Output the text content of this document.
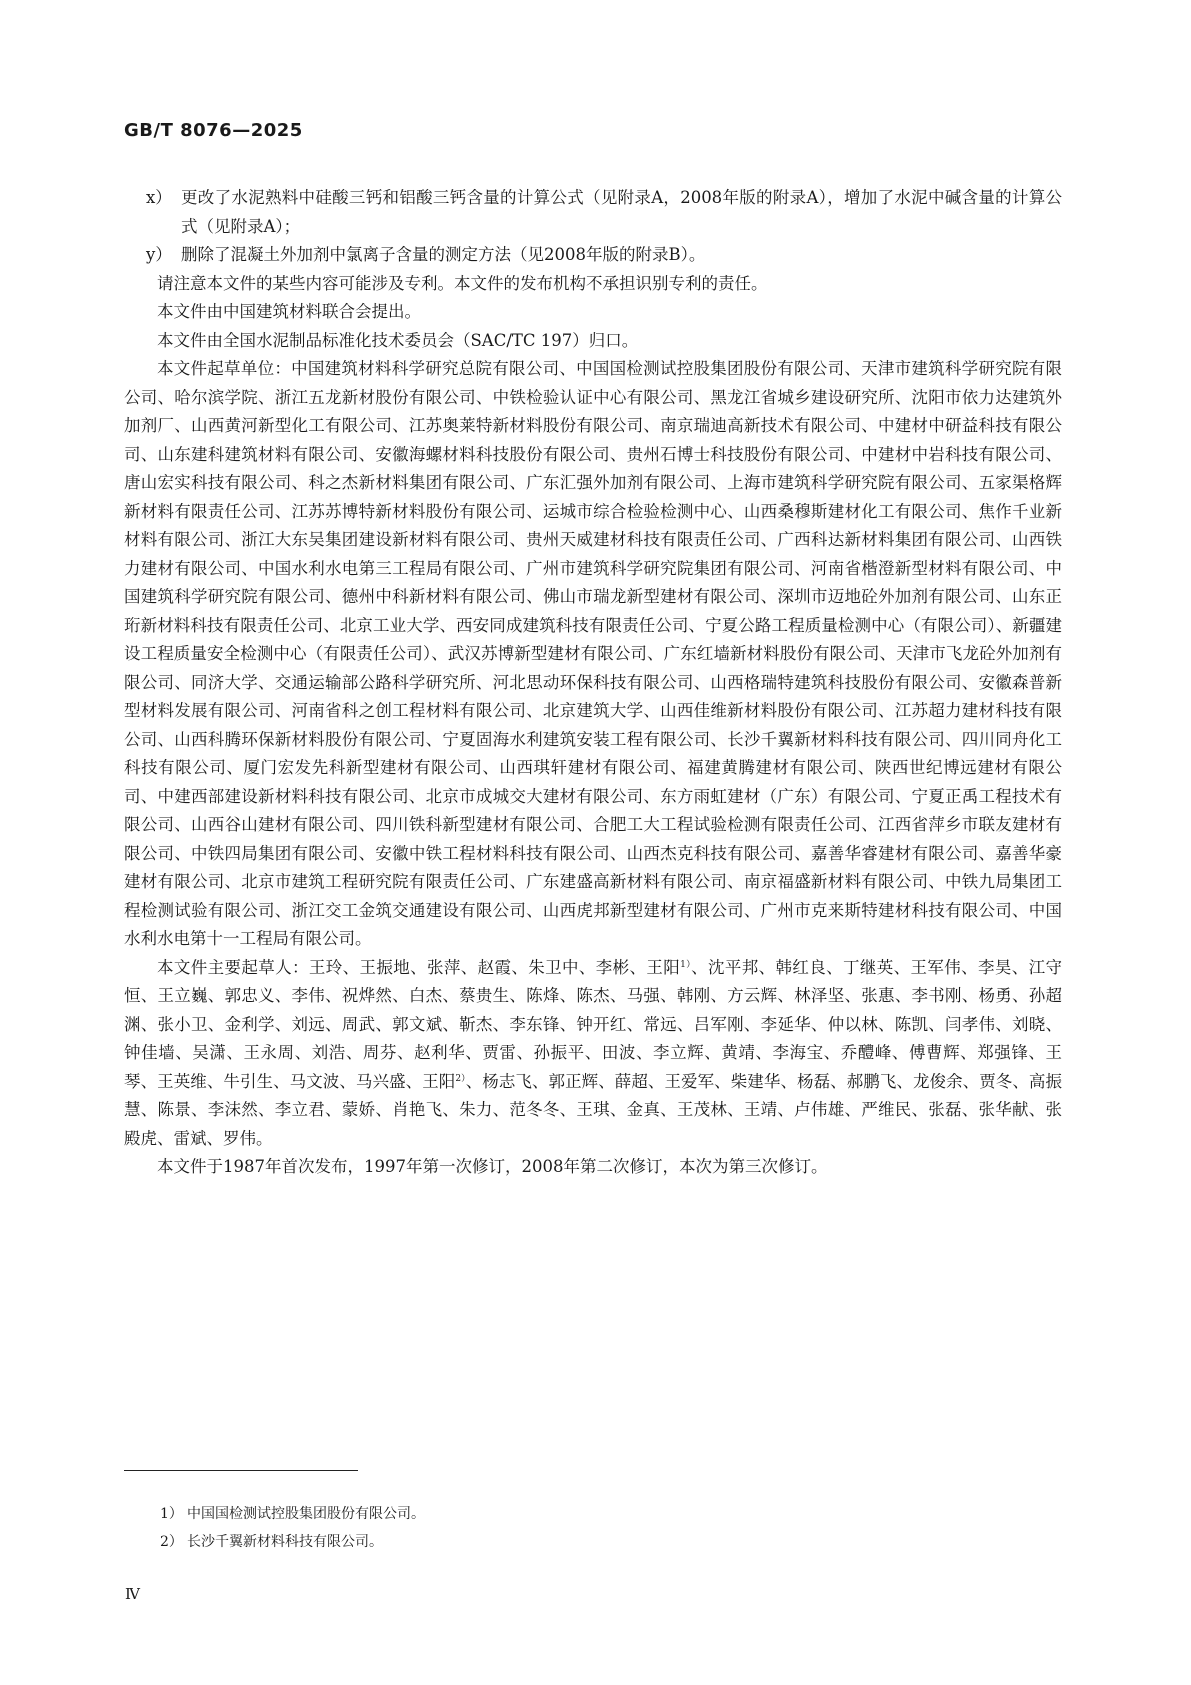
GB/T 8076—2025

x） 更改了水泥熟料中硅酸三钙和铝酸三钙含量的计算公式（见附录A，2008年版的附录A），增加了水泥中碱含量的计算公式（见附录A）；

y） 删除了混凝土外加剂中氯离子含量的测定方法（见2008年版的附录B）。

请注意本文件的某些内容可能涉及专利。本文件的发布机构不承担识别专利的责任。

本文件由中国建筑材料联合会提出。

本文件由全国水泥制品标准化技术委员会（SAC/TC 197）归口。

本文件起草单位：中国建筑材料科学研究总院有限公司、中国国检测试控股集团股份有限公司、天津市建筑科学研究院有限公司、哈尔滨学院、浙江五龙新材股份有限公司、中铁检验认证中心有限公司、黑龙江省城乡建设研究所、沈阳市依力达建筑外加剂厂、山西黄河新型化工有限公司、江苏奥莱特新材料股份有限公司、南京瑞迪高新技术有限公司、中建材中研益科技有限公司、山东建科建筑材料有限公司、安徽海螺材料科技股份有限公司、贵州石博士科技股份有限公司、中建材中岩科技有限公司、唐山宏实科技有限公司、科之杰新材料集团有限公司、广东汇强外加剂有限公司、上海市建筑科学研究院有限公司、五家渠格辉新材料有限责任公司、江苏苏博特新材料股份有限公司、运城市综合检验检测中心、山西桑穆斯建材化工有限公司、焦作千业新材料有限公司、浙江大东吴集团建设新材料有限公司、贵州天威建材科技有限责任公司、广西科达新材料集团有限公司、山西铁力建材有限公司、中国水利水电第三工程局有限公司、广州市建筑科学研究院集团有限公司、河南省楷澄新型材料有限公司、中国建筑科学研究院有限公司、德州中科新材料有限公司、佛山市瑞龙新型建材有限公司、深圳市迈地砼外加剂有限公司、山东正珩新材料科技有限责任公司、北京工业大学、西安同成建筑科技有限责任公司、宁夏公路工程质量检测中心（有限公司）、新疆建设工程质量安全检测中心（有限责任公司）、武汉苏博新型建材有限公司、广东红墙新材料股份有限公司、天津市飞龙砼外加剂有限公司、同济大学、交通运输部公路科学研究所、河北思动环保科技有限公司、山西格瑞特建筑科技股份有限公司、安徽森普新型材料发展有限公司、河南省科之创工程材料有限公司、北京建筑大学、山西佳维新材料股份有限公司、江苏超力建材科技有限公司、山西科腾环保新材料股份有限公司、宁夏固海水利建筑安装工程有限公司、长沙千翼新材料科技有限公司、四川同舟化工科技有限公司、厦门宏发先科新型建材有限公司、山西琪轩建材有限公司、福建黄腾建材有限公司、陕西世纪博远建材有限公司、中建西部建设新材料科技有限公司、北京市成城交大建材有限公司、东方雨虹建材（广东）有限公司、宁夏正禹工程技术有限公司、山西谷山建材有限公司、四川铁科新型建材有限公司、合肥工大工程试验检测有限责任公司、江西省萍乡市联友建材有限公司、中铁四局集团有限公司、安徽中铁工程材料科技有限公司、山西杰克科技有限公司、嘉善华睿建材有限公司、嘉善华豪建材有限公司、北京市建筑工程研究院有限责任公司、广东建盛高新材料有限公司、南京福盛新材料有限公司、中铁九局集团工程检测试验有限公司、浙江交工金筑交通建设有限公司、山西虎邦新型建材有限公司、广州市克来斯特建材科技有限公司、中国水利水电第十一工程局有限公司。

本文件主要起草人：王玲、王振地、张萍、赵霞、朱卫中、李彬、王阳$^{1)}$、沈平邦、韩红良、丁继英、王军伟、李昊、江守恒、王立巍、郭忠义、李伟、祝烨然、白杰、蔡贵生、陈烽、陈杰、马强、韩刚、方云辉、林泽坚、张惠、李书刚、杨勇、孙超渊、张小卫、金利学、刘远、周武、郭文斌、靳杰、李东锋、钟开红、常远、吕军刚、李延华、仲以林、陈凯、闫孝伟、刘晓、钟佳墙、吴潇、王永周、刘浩、周芬、赵利华、贾雷、孙振平、田波、李立辉、黄靖、李海宝、乔醴峰、傅曹辉、郑强锋、王琴、王英维、牛引生、马文波、马兴盛、王阳$^{2)}$、杨志飞、郭正辉、薛超、王爱军、柴建华、杨磊、郝鹏飞、龙俊余、贾冬、高振慧、陈景、李沫然、李立君、蒙娇、肖艳飞、朱力、范冬冬、王琪、金真、王茂林、王靖、卢伟雄、严维民、张磊、张华献、张殿虎、雷斌、罗伟。

本文件于1987年首次发布，1997年第一次修订，2008年第二次修订，本次为第三次修订。

1） 中国国检测试控股集团股份有限公司。
2） 长沙千翼新材料科技有限公司。
Ⅳ
